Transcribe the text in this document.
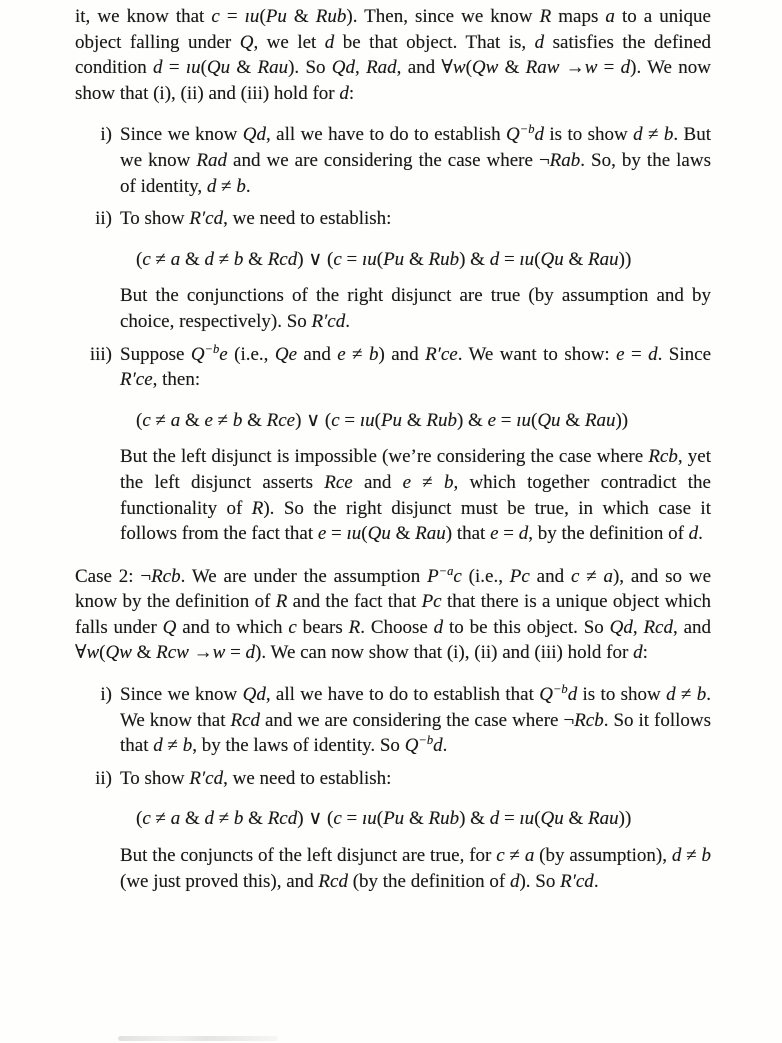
it, we know that c = ıu(Pu & Rub). Then, since we know R maps a to a unique object falling under Q, we let d be that object. That is, d satisfies the defined condition d = ıu(Qu & Rau). So Qd, Rad, and ∀w(Qw & Raw →w = d). We now show that (i), (ii) and (iii) hold for d:

i) Since we know Qd, all we have to do to establish $Q^{-b}d$ is to show d ≠ b. But we know Rad and we are considering the case where ¬Rab. So, by the laws of identity, d ≠ b.
ii) To show R′cd, we need to establish:

(c ≠ a & d ≠ b & Rcd) ∨ (c = ıu(Pu & Rub) & d = ıu(Qu & Rau))

But the conjunctions of the right disjunct are true (by assumption and by choice, respectively). So R′cd.

iii) Suppose $Q^{-b}e$ (i.e., Qe and e ≠ b) and R′ce. We want to show: e = d. Since R′ce, then:

(c ≠ a & e ≠ b & Rce) ∨ (c = ıu(Pu & Rub) & e = ıu(Qu & Rau))

But the left disjunct is impossible (we’re considering the case where Rcb, yet the left disjunct asserts Rce and e ≠ b, which together contradict the functionality of R). So the right disjunct must be true, in which case it follows from the fact that e = ıu(Qu & Rau) that e = d, by the definition of d.

Case 2: ¬Rcb. We are under the assumption $P^{-a}c$ (i.e., Pc and c ≠ a), and so we know by the definition of R and the fact that Pc that there is a unique object which falls under Q and to which c bears R. Choose d to be this object. So Qd, Rcd, and ∀w(Qw & Rcw →w = d). We can now show that (i), (ii) and (iii) hold for d:

i) Since we know Qd, all we have to do to establish that $Q^{-b}d$ is to show d ≠ b. We know that Rcd and we are considering the case where ¬Rcb. So it follows that d ≠ b, by the laws of identity. So $Q^{-b}d$.
ii) To show R′cd, we need to establish:

(c ≠ a & d ≠ b & Rcd) ∨ (c = ıu(Pu & Rub) & d = ıu(Qu & Rau))

But the conjuncts of the left disjunct are true, for c ≠ a (by assumption), d ≠ b (we just proved this), and Rcd (by the definition of d). So R′cd.
